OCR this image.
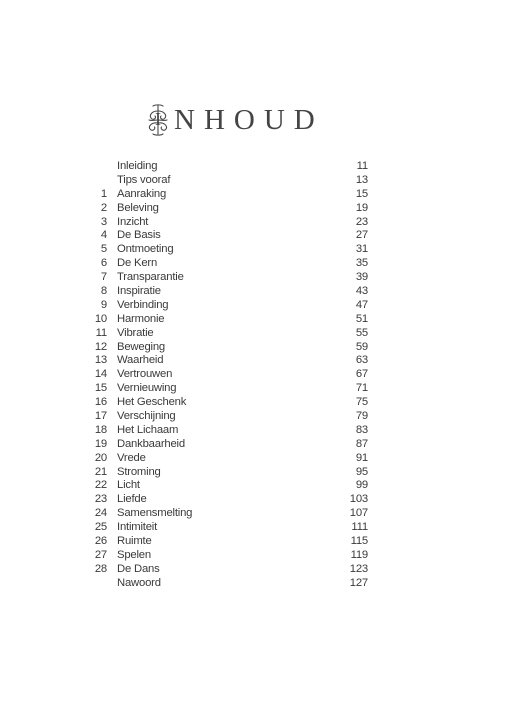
I NHOUD
Inleiding	11
Tips vooraf	13
1 Aanraking	15
2 Beleving	19
3 Inzicht	23
4 De Basis	27
5 Ontmoeting	31
6 De Kern	35
7 Transparantie	39
8 Inspiratie	43
9 Verbinding	47
10 Harmonie	51
11 Vibratie	55
12 Beweging	59
13 Waarheid	63
14 Vertrouwen	67
15 Vernieuwing	71
16 Het Geschenk	75
17 Verschijning	79
18 Het Lichaam	83
19 Dankbaarheid	87
20 Vrede	91
21 Stroming	95
22 Licht	99
23 Liefde	103
24 Samensmelting	107
25 Intimiteit	111
26 Ruimte	115
27 Spelen	119
28 De Dans	123
Nawoord	127
